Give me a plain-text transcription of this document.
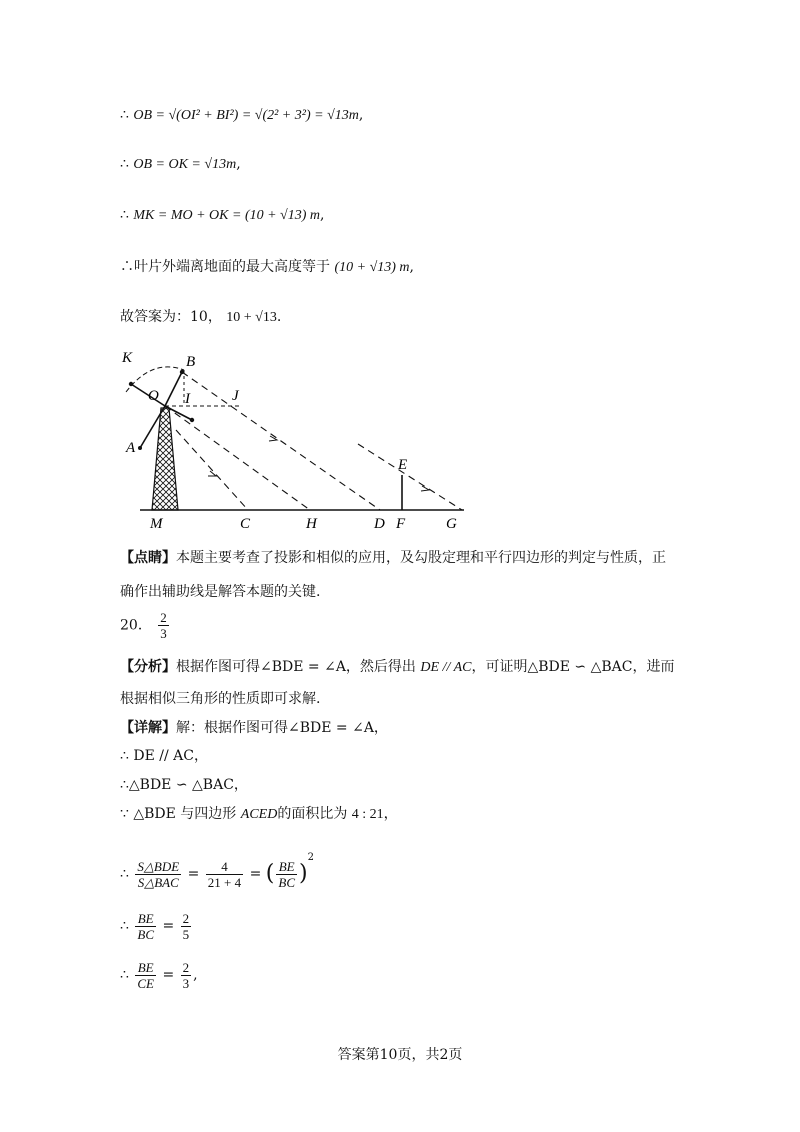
∴ OB = √(OI² + BI²) = √(2² + 3²) = √13m,
∴ OB = OK = √13m,
∴ MK = MO + OK = (10 + √13) m,
∴叶片外端离地面的最大高度等于 (10 + √13) m,
故答案为：10， 10 + √13.
K	B
O I	J
A
E
M	C	H	D F	G
【点睛】本题主要考查了投影和相似的应用，及勾股定理和平行四边形的判定与性质，正
确作出辅助线是解答本题的关键.
20． $\frac{2}{3}$
【分析】根据作图可得∠BDE = ∠A，然后得出 DE // AC，可证明△BDE ∽ △BAC，进而
根据相似三角形的性质即可求解.
【详解】解：根据作图可得∠BDE = ∠A，
∴ DE // AC，
∴△BDE ∽ △BAC，
∵ △BDE 与四边形 ACED的面积比为 4 : 21，
∴ $\frac{\text{S△BDE}}{\text{S△BAC}} = \frac{4}{21 + 4}$ = ( $\frac{BE}{BC} )^2$
∴ $\frac{BE}{BC} = \frac{2}{5}$
∴ $\frac{BE}{CE} = \frac{2}{3}$ ,
答案第10页，共2页
